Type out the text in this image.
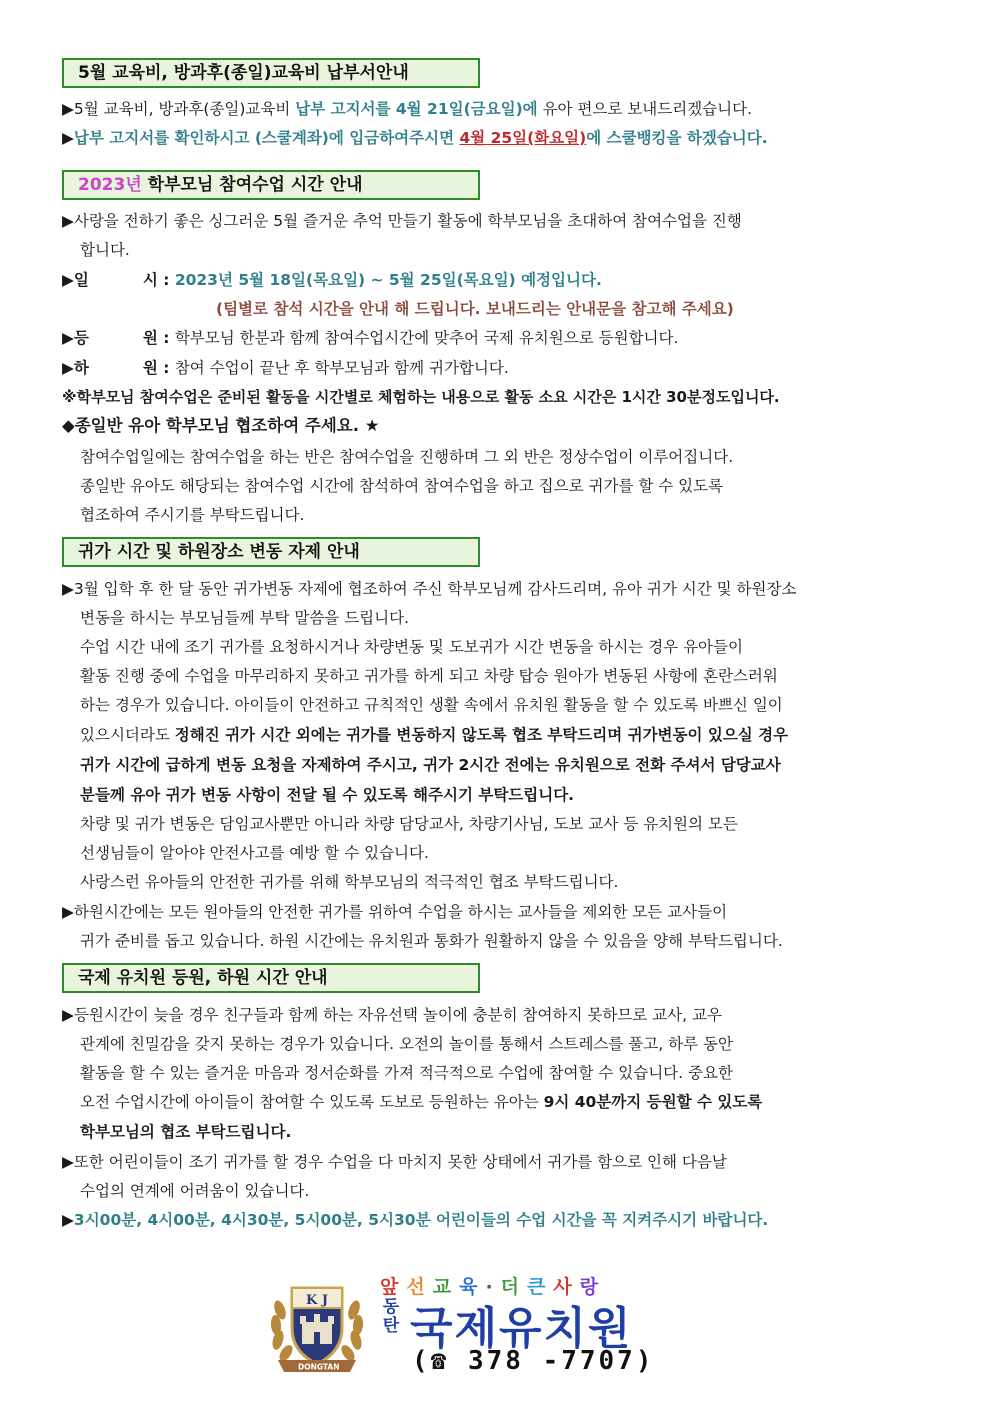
5월 교육비, 방과후(종일)교육비 납부서안내
▶5월 교육비, 방과후(종일)교육비 납부 고지서를 4월 21일(금요일)에 유아 편으로 보내드리겠습니다.
▶납부 고지서를 확인하시고 (스쿨계좌)에 입금하여주시면 4월 25일(화요일)에 스쿨뱅킹을 하겠습니다.
2023년 학부모님 참여수업 시간 안내
▶사랑을 전하기 좋은 싱그러운 5월 즐거운 추억 만들기 활동에 학부모님을 초대하여 참여수업을 진행
합니다.
▶일          시 : 2023년 5월 18일(목요일) ~ 5월 25일(목요일) 예정입니다.
(팀별로 참석 시간을 안내 해 드립니다. 보내드리는 안내문을 참고해 주세요)
▶등          원 : 학부모님 한분과 함께 참여수업시간에 맞추어 국제 유치원으로 등원합니다.
▶하          원 : 참여 수업이 끝난 후 학부모님과 함께 귀가합니다.
※학부모님 참여수업은 준비된 활동을 시간별로 체험하는 내용으로 활동 소요 시간은 1시간 30분정도입니다.
◆종일반 유아 학부모님 협조하여 주세요. ★
참여수업일에는 참여수업을 하는 반은 참여수업을 진행하며 그 외 반은 정상수업이 이루어집니다.
종일반 유아도 해당되는 참여수업 시간에 참석하여 참여수업을 하고 집으로 귀가를 할 수 있도록
협조하여 주시기를 부탁드립니다.
귀가 시간 및 하원장소 변동 자제 안내
▶3월 입학 후 한 달 동안 귀가변동 자제에 협조하여 주신 학부모님께 감사드리며, 유아 귀가 시간 및 하원장소
변동을 하시는 부모님들께 부탁 말씀을 드립니다.
수업 시간 내에 조기 귀가를 요청하시거나 차량변동 및 도보귀가 시간 변동을 하시는 경우 유아들이
활동 진행 중에 수업을 마무리하지 못하고 귀가를 하게 되고 차량 탑승 원아가 변동된 사항에 혼란스러워
하는 경우가 있습니다. 아이들이 안전하고 규칙적인 생활 속에서 유치원 활동을 할 수 있도록 바쁘신 일이
있으시더라도 정해진 귀가 시간 외에는 귀가를 변동하지 않도록 협조 부탁드리며 귀가변동이 있으실 경우
귀가 시간에 급하게 변동 요청을 자제하여 주시고, 귀가 2시간 전에는 유치원으로 전화 주셔서 담당교사
분들께 유아 귀가 변동 사항이 전달 될 수 있도록 해주시기 부탁드립니다.
차량 및 귀가 변동은 담임교사뿐만 아니라 차량 담당교사, 차량기사님, 도보 교사 등 유치원의 모든
선생님들이 알아야 안전사고를 예방 할 수 있습니다.
사랑스런 유아들의 안전한 귀가를 위해 학부모님의 적극적인 협조 부탁드립니다.
▶하원시간에는 모든 원아들의 안전한 귀가를 위하여 수업을 하시는 교사들을 제외한 모든 교사들이
귀가 준비를 돕고 있습니다. 하원 시간에는 유치원과 통화가 원활하지 않을 수 있음을 양해 부탁드립니다.
국제 유치원 등원, 하원 시간 안내
▶등원시간이 늦을 경우 친구들과 함께 하는 자유선택 놀이에 충분히 참여하지 못하므로 교사, 교우
관계에 친밀감을 갖지 못하는 경우가 있습니다. 오전의 놀이를 통해서 스트레스를 풀고, 하루 동안
활동을 할 수 있는 즐거운 마음과 정서순화를 가져 적극적으로 수업에 참여할 수 있습니다. 중요한
오전 수업시간에 아이들이 참여할 수 있도록 도보로 등원하는 유아는 9시 40분까지 등원할 수 있도록
학부모님의 협조 부탁드립니다.
▶또한 어린이들이 조기 귀가를 할 경우 수업을 다 마치지 못한 상태에서 귀가를 함으로 인해 다음날
수업의 연계에 어려움이 있습니다.
▶3시00분, 4시00분, 4시30분, 5시00분, 5시30분 어린이들의 수업 시간을 꼭 지켜주시기 바랍니다.
K J
DONGTAN
앞 선 교 육 · 더 큰 사 랑
동
탄 국제유치원
(☎ 378 -7707)
